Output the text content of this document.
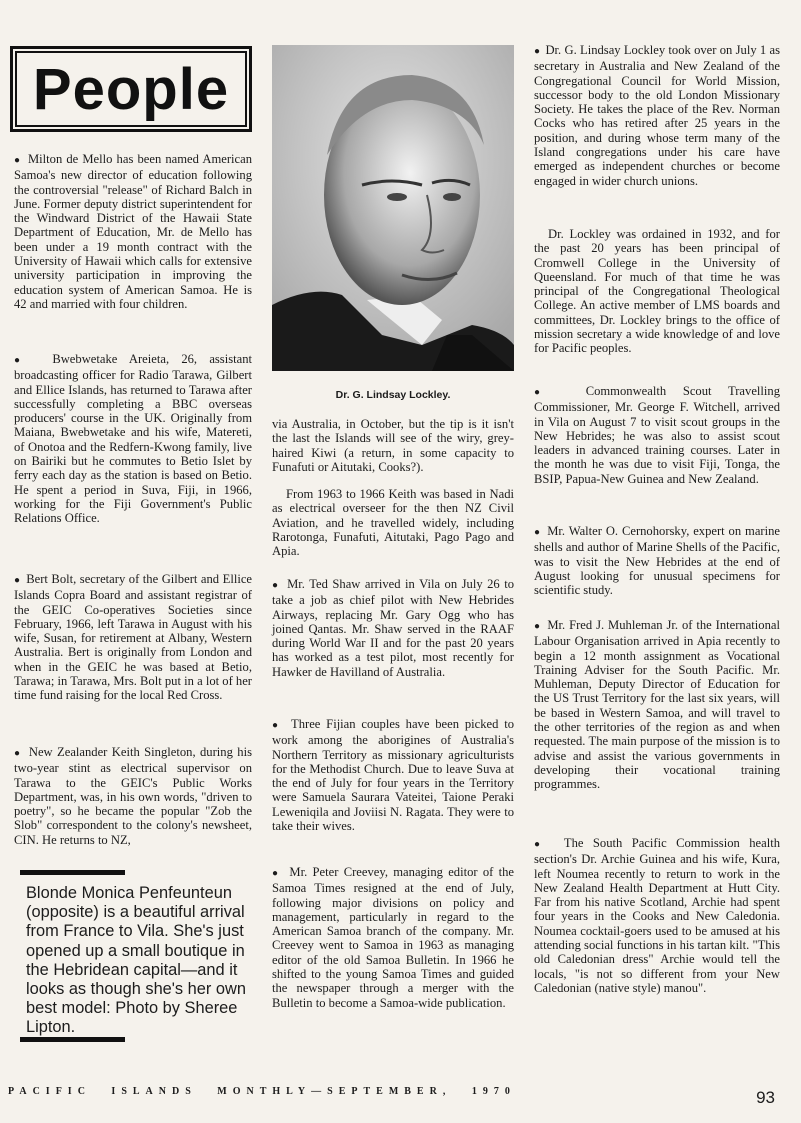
People

●  Milton de Mello has been named American Samoa's new director of education following the controversial "release" of Richard Balch in June. Former deputy district superintendent for the Windward District of the Hawaii State Department of Education, Mr. de Mello has been under a 19 month contract with the University of Hawaii which calls for extensive university participation in improving the education system of American Samoa. He is 42 and married with four children.

●  Bwebwetake Areieta, 26, assistant broadcasting officer for Radio Tarawa, Gilbert and Ellice Islands, has returned to Tarawa after successfully completing a BBC overseas producers' course in the UK. Originally from Maiana, Bwebwetake and his wife, Matereti, of Onotoa and the Redfern-Kwong family, live on Bairiki but he commutes to Betio Islet by ferry each day as the station is based on Betio. He spent a period in Suva, Fiji, in 1966, working for the Fiji Government's Public Relations Office.

●  Bert Bolt, secretary of the Gilbert and Ellice Islands Copra Board and assistant registrar of the GEIC Co-operatives Societies since February, 1966, left Tarawa in August with his wife, Susan, for retirement at Albany, Western Australia. Bert is originally from London and when in the GEIC he was based at Betio, Tarawa; in Tarawa, Mrs. Bolt put in a lot of her time fund raising for the local Red Cross.

●  New Zealander Keith Singleton, during his two-year stint as electrical supervisor on Tarawa to the GEIC's Public Works Department, was, in his own words, "driven to poetry", so he became the popular "Zob the Slob" correspondent to the colony's newsheet, CIN. He returns to NZ,

Blonde Monica Penfeunteun (opposite) is a beautiful arrival from France to Vila. She's just opened up a small boutique in the Hebridean capital—and it looks as though she's her own best model: Photo by Sheree Lipton.
Dr. G. Lindsay Lockley.

via Australia, in October, but the tip is it isn't the last the Islands will see of the wiry, grey-haired Kiwi (a return, in some capacity to Funafuti or Aitutaki, Cooks?).

From 1963 to 1966 Keith was based in Nadi as electrical overseer for the then NZ Civil Aviation, and he travelled widely, including Rarotonga, Funafuti, Aitutaki, Pago Pago and Apia.

●  Mr. Ted Shaw arrived in Vila on July 26 to take a job as chief pilot with New Hebrides Airways, replacing Mr. Gary Ogg who has joined Qantas. Mr. Shaw served in the RAAF during World War II and for the past 20 years has worked as a test pilot, most recently for Hawker de Havilland of Australia.

●  Three Fijian couples have been picked to work among the aborigines of Australia's Northern Territory as missionary agriculturists for the Methodist Church. Due to leave Suva at the end of July for four years in the Territory were Samuela Saurara Vateitei, Taione Peraki Leweniqila and Joviisi N. Ragata. They were to take their wives.

●  Mr. Peter Creevey, managing editor of the Samoa Times resigned at the end of July, following major divisions on policy and management, particularly in regard to the American Samoa branch of the company. Mr. Creevey went to Samoa in 1963 as managing editor of the old Samoa Bulletin. In 1966 he shifted to the young Samoa Times and guided the newspaper through a merger with the Bulletin to become a Samoa-wide publication.

●  Dr. G. Lindsay Lockley took over on July 1 as secretary in Australia and New Zealand of the Congregational Council for World Mission, successor body to the old London Missionary Society. He takes the place of the Rev. Norman Cocks who has retired after 25 years in the position, and during whose term many of the Island congregations under his care have emerged as independent churches or become engaged in wider church unions.

Dr. Lockley was ordained in 1932, and for the past 20 years has been principal of Cromwell College in the University of Queensland. For much of that time he was principal of the Congregational Theological College. An active member of LMS boards and committees, Dr. Lockley brings to the office of mission secretary a wide knowledge of and love for Pacific peoples.

●  Commonwealth Scout Travelling Commissioner, Mr. George F. Witchell, arrived in Vila on August 7 to visit scout groups in the New Hebrides; he was also to assist scout leaders in advanced training courses. Later in the month he was due to visit Fiji, Tonga, the BSIP, Papua-New Guinea and New Zealand.

●  Mr. Walter O. Cernohorsky, expert on marine shells and author of Marine Shells of the Pacific, was to visit the New Hebrides at the end of August looking for unusual specimens for scientific study.

●  Mr. Fred J. Muhleman Jr. of the International Labour Organisation arrived in Apia recently to begin a 12 month assignment as Vocational Training Adviser for the South Pacific. Mr. Muhleman, Deputy Director of Education for the US Trust Territory for the last six years, will be based in Western Samoa, and will travel to the other territories of the region as and when requested. The main purpose of the mission is to advise and assist the various governments in developing their vocational training programmes.

●  The South Pacific Commission health section's Dr. Archie Guinea and his wife, Kura, left Noumea recently to return to work in the New Zealand Health Department at Hutt City. Far from his native Scotland, Archie had spent four years in the Cooks and New Caledonia. Noumea cocktail-goers used to be amused at his attending social functions in his tartan kilt. "This old Caledonian dress" Archie would tell the locals, "is not so different from your New Caledonian (native style) manou".

PACIFIC ISLANDS MONTHLY—SEPTEMBER, 1970	93
